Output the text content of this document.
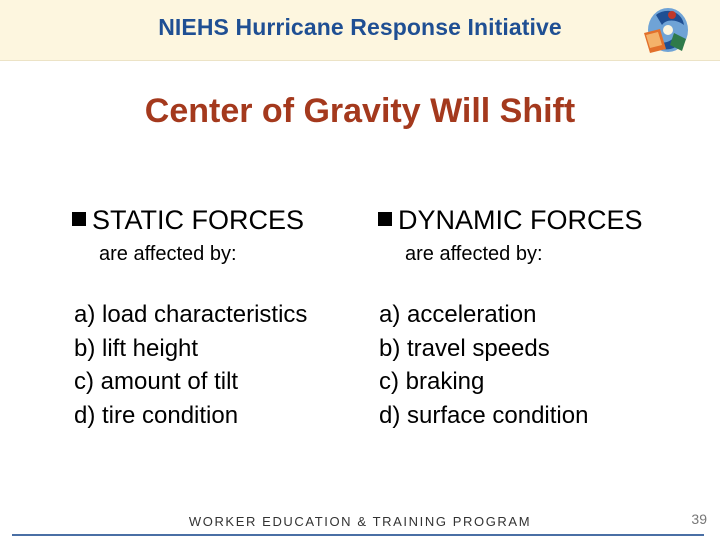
NIEHS Hurricane Response Initiative
Center of Gravity Will Shift
STATIC FORCES
are affected by:
DYNAMIC FORCES
are affected by:
a) load characteristics
b) lift height
c) amount of tilt
d) tire condition
a) acceleration
b) travel speeds
c) braking
d) surface condition
WORKER EDUCATION & TRAINING PROGRAM	39
